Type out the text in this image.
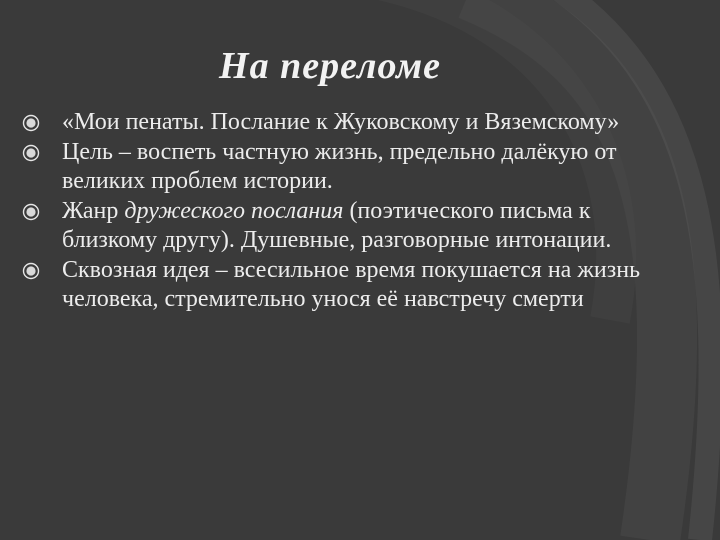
На переломе
«Мои пенаты. Послание к Жуковскому и Вяземскому»
Цель – воспеть частную жизнь, предельно далёкую от великих проблем истории.
Жанр дружеского послания (поэтического письма к близкому другу). Душевные, разговорные интонации.
Сквозная идея – всесильное время покушается на жизнь человека, стремительно унося её навстречу смерти
